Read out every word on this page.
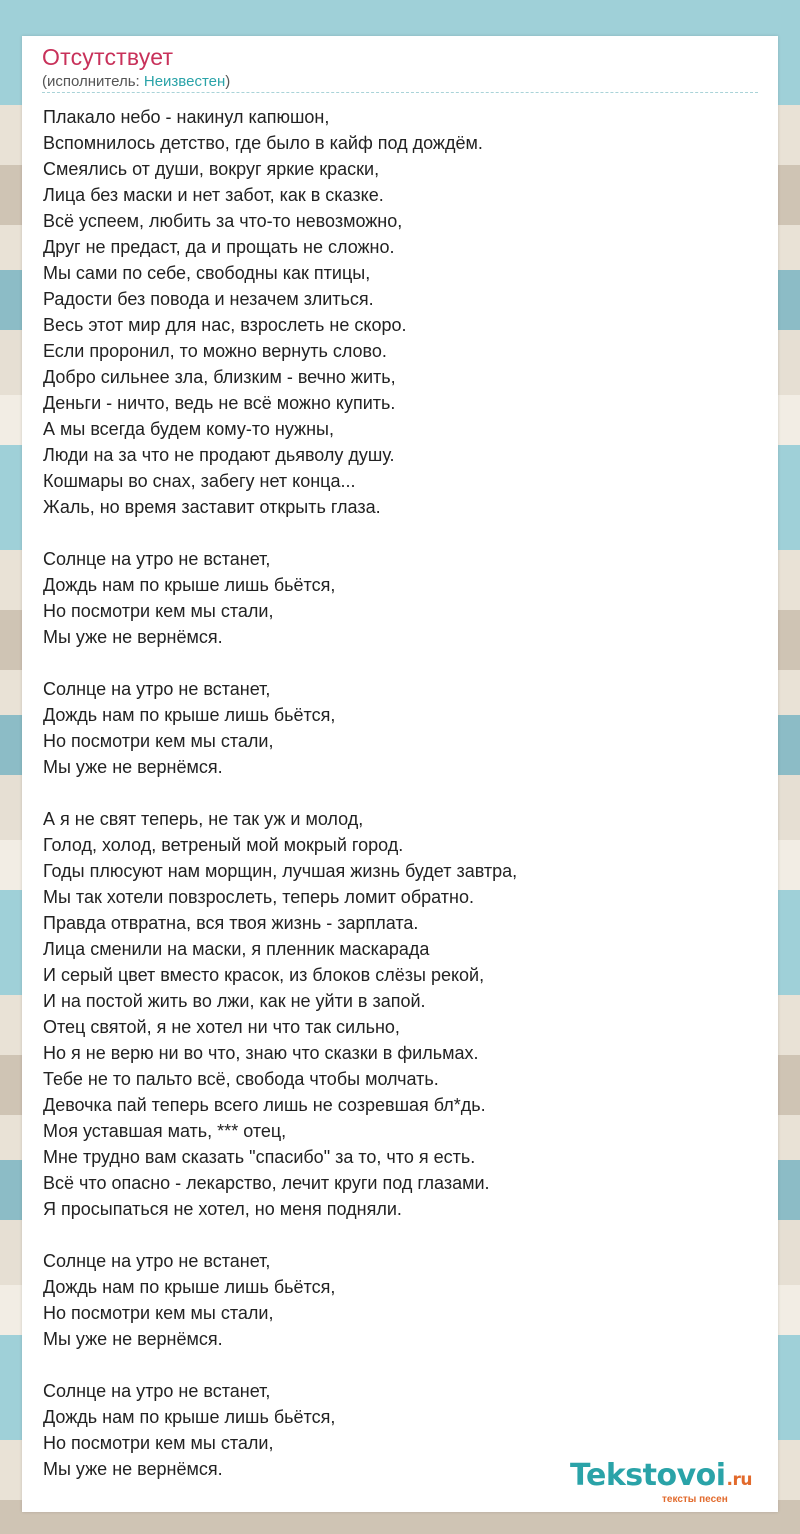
Отсутствует
(исполнитель: Неизвестен)
Плакало небо - накинул капюшон,
Вспомнилось детство, где было в кайф под дождём.
Смеялись от души, вокруг яркие краски,
Лица без маски и нет забот, как в сказке.
Всё успеем, любить за что-то невозможно,
Друг не предаст, да и прощать не сложно.
Мы сами по себе, свободны как птицы,
Радости без повода и незачем злиться.
Весь этот мир для нас, взрослеть не скоро.
Если проронил, то можно вернуть слово.
Добро сильнее зла, близким - вечно жить,
Деньги - ничто, ведь не всё можно купить.
А мы всегда будем кому-то нужны,
Люди на за что не продают дьяволу душу.
Кошмары во снах, забегу нет конца...
Жаль, но время заставит открыть глаза.
Солнце на утро не встанет,
Дождь нам по крыше лишь бьётся,
Но посмотри кем мы стали,
Мы уже не вернёмся.
Солнце на утро не встанет,
Дождь нам по крыше лишь бьётся,
Но посмотри кем мы стали,
Мы уже не вернёмся.
А я не свят теперь, не так уж и молод,
Голод, холод, ветреный мой мокрый город.
Годы плюсуют нам морщин, лучшая жизнь будет завтра,
Мы так хотели повзрослеть, теперь ломит обратно.
Правда отвратна, вся твоя жизнь - зарплата.
Лица сменили на маски, я пленник маскарада
И серый цвет вместо красок, из блоков слёзы рекой,
И на постой жить во лжи, как не уйти в запой.
Отец святой, я не хотел ни что так сильно,
Но я не верю ни во что, знаю что сказки в фильмах.
Тебе не то пальто всё, свобода чтобы молчать.
Девочка пай теперь всего лишь не созревшая бл*дь.
Моя уставшая мать, *** отец,
Мне трудно вам сказать "спасибо" за то, что я есть.
Всё что опасно - лекарство, лечит круги под глазами.
Я просыпаться не хотел, но меня подняли.
Солнце на утро не встанет,
Дождь нам по крыше лишь бьётся,
Но посмотри кем мы стали,
Мы уже не вернёмся.
Солнце на утро не встанет,
Дождь нам по крыше лишь бьётся,
Но посмотри кем мы стали,
Мы уже не вернёмся.	Tekstovoi.ru
тексты песен
